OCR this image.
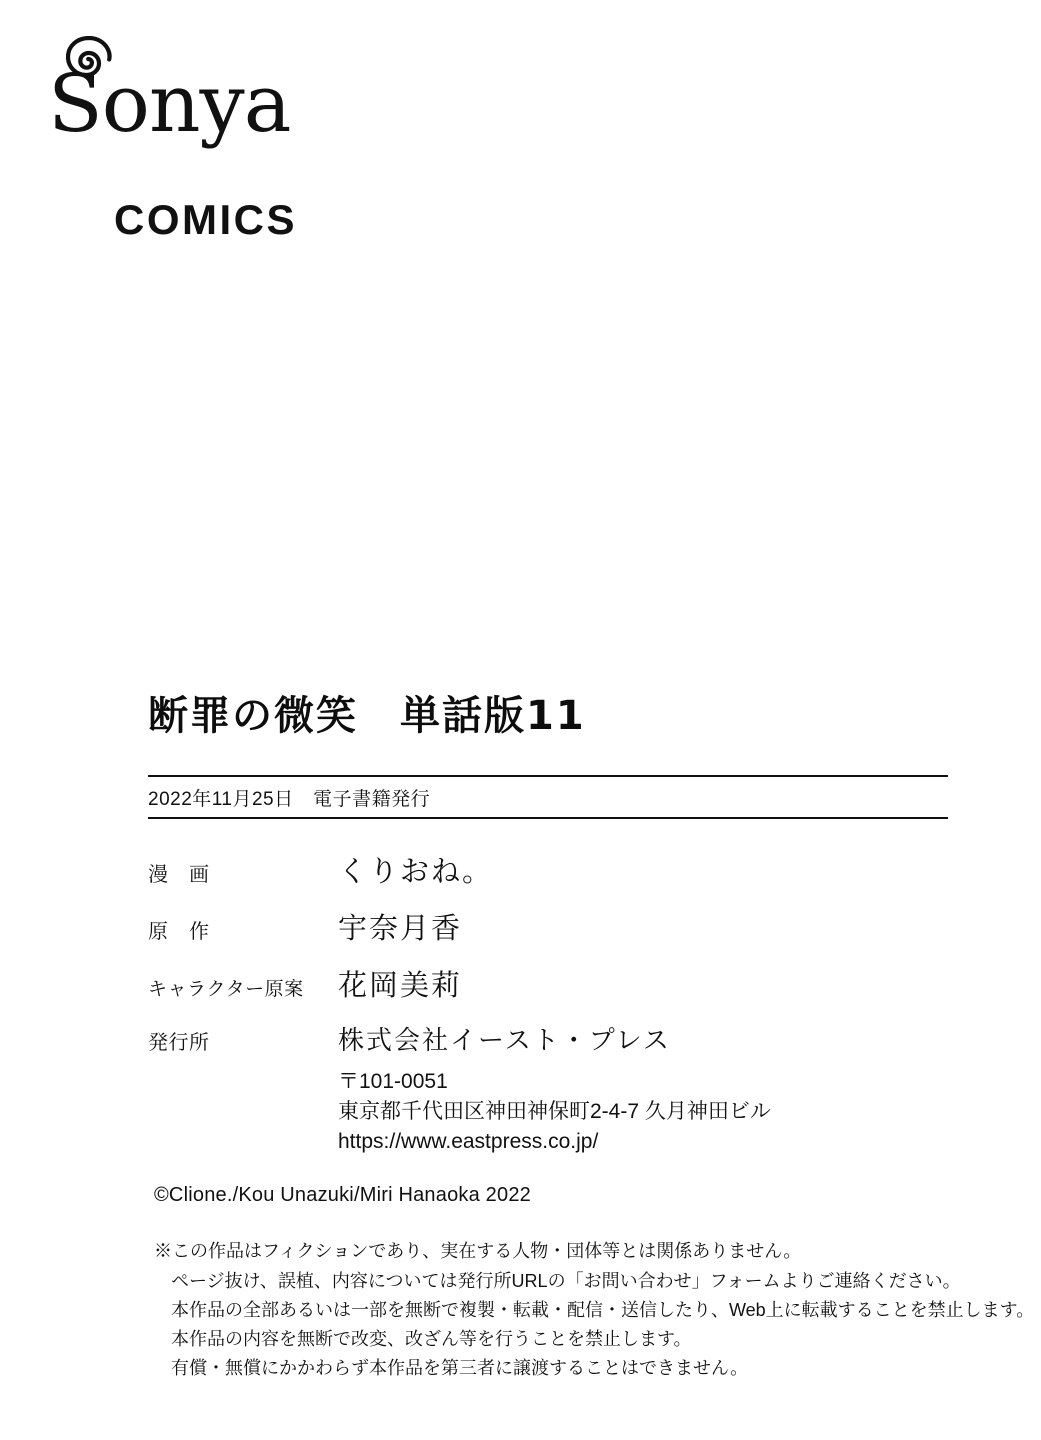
Sonya
COMICS
断罪の微笑　単話版11
2022年11月25日　電子書籍発行
漫　画	くりおね。
原　作	宇奈月香
キャラクター原案	花岡美莉
発行所	株式会社イースト・プレス
〒101-0051
東京都千代田区神田神保町2-4-7 久月神田ビル
https://www.eastpress.co.jp/
©Clione./Kou Unazuki/Miri Hanaoka 2022
※この作品はフィクションであり、実在する人物・団体等とは関係ありません。
ページ抜け、誤植、内容については発行所URLの「お問い合わせ」フォームよりご連絡ください。
本作品の全部あるいは一部を無断で複製・転載・配信・送信したり、Web上に転載することを禁止します。
本作品の内容を無断で改変、改ざん等を行うことを禁止します。
有償・無償にかかわらず本作品を第三者に譲渡することはできません。
